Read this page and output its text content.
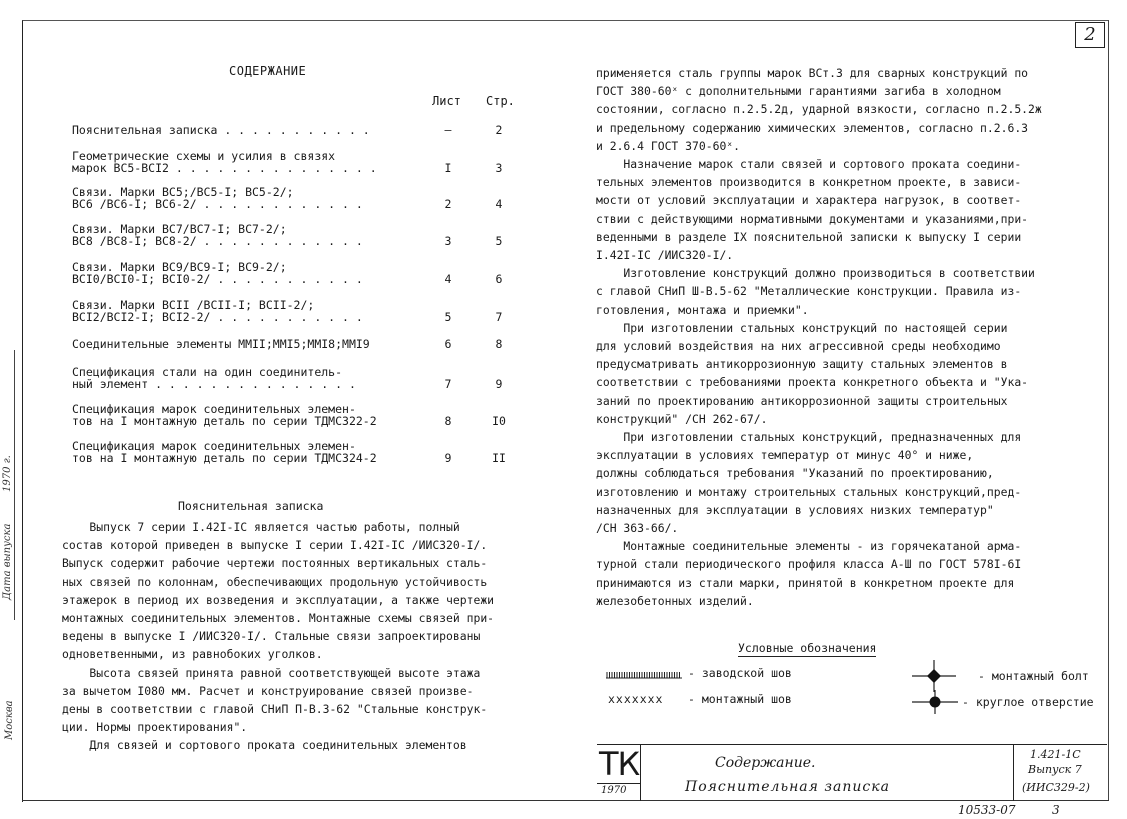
2
Дата выпуска
1970 г.
Москва
СОДЕРЖАНИЕ
Лист Стр.
Пояснительная записка . . . . . . . . . . .	—	2
Геометрические схемы и усилия в связях
марок ВС5-ВСI2 . . . . . . . . . . . . . . .	I	3
Связи. Марки ВС5;/ВС5-I; ВС5-2/;
ВС6 /ВС6-I; ВС6-2/ . . . . . . . . . . . .	2	4
Связи. Марки ВС7/ВС7-I; ВС7-2/;
ВС8 /ВС8-I; ВС8-2/ . . . . . . . . . . . .	3	5
Связи. Марки ВС9/ВС9-I; ВС9-2/;
ВСI0/ВСI0-I; ВСI0-2/ . . . . . . . . . . .	4	6
Связи. Марки ВСII /ВСII-I; ВСII-2/;
ВСI2/ВСI2-I; ВСI2-2/ . . . . . . . . . . .	5	7
Соединительные элементы ММII;ММI5;ММI8;ММI9	6	8
Спецификация стали на один соединитель-
ный элемент . . . . . . . . . . . . . . .	7	9
Спецификация марок соединительных элемен-
тов на I монтажную деталь по серии ТДМС322-2	8	I0
Спецификация марок соединительных элемен-
тов на I монтажную деталь по серии ТДМС324-2	9	II
Пояснительная записка
Выпуск 7 серии I.42I-IC является частью работы, полный
состав которой приведен в выпуске I серии I.42I-IC /ИИС320-I/.
Выпуск содержит рабочие чертежи постоянных вертикальных сталь-
ных связей по колоннам, обеспечивающих продольную устойчивость
этажерок в период их возведения и эксплуатации, а также чертежи
монтажных соединительных элементов. Монтажные схемы связей при-
ведены в выпуске I /ИИС320-I/. Стальные связи запроектированы
одноветвенными, из равнобоких уголков.
Высота связей принята равной соответствующей высоте этажа
за вычетом I080 мм. Расчет и конструирование связей произве-
дены в соответствии с главой СНиП П-В.3-62 "Стальные конструк-
ции. Нормы проектирования".
Для связей и сортового проката соединительных элементов
применяется сталь группы марок ВСт.3 для сварных конструкций по
ГОСТ 380-60ˣ с дополнительными гарантиями загиба в холодном
состоянии, согласно п.2.5.2д, ударной вязкости, согласно п.2.5.2ж
и предельному содержанию химических элементов, согласно п.2.6.3
и 2.6.4 ГОСТ 370-60ˣ.
Назначение марок стали связей и сортового проката соедини-
тельных элементов производится в конкретном проекте, в зависи-
мости от условий эксплуатации и характера нагрузок, в соответ-
ствии с действующими нормативными документами и указаниями,при-
веденными в разделе IX пояснительной записки к выпуску I серии
I.42I-IC /ИИС320-I/.
Изготовление конструкций должно производиться в соответствии
с главой СНиП Ш-В.5-62 "Металлические конструкции. Правила из-
готовления, монтажа и приемки".
При изготовлении стальных конструкций по настоящей серии
для условий воздействия на них агрессивной среды необходимо
предусматривать антикоррозионную защиту стальных элементов в
соответствии с требованиями проекта конкретного объекта и "Ука-
заний по проектированию антикоррозионной защиты строительных
конструкций" /СН 262-67/.
При изготовлении стальных конструкций, предназначенных для
эксплуатации в условиях температур от минус 40° и ниже,
должны соблюдаться требования "Указаний по проектированию,
изготовлению и монтажу строительных стальных конструкций,пред-
назначенных для эксплуатации в условиях низких температур"
/СН 363-66/.
Монтажные соединительные элементы - из горячекатаной арма-
турной стали периодического профиля класса А-Ш по ГОСТ 578I-6I
принимаются из стали марки, принятой в конкретном проекте для
железобетонных изделий.
Условные обозначения
- заводской шов
xxxxxxx - монтажный шов
- монтажный болт
- круглое отверстие
ТК
1970
Содержание.
Пояснительная записка
1.421-1C
Выпуск 7
(ИИС329-2)
10533-07	3
